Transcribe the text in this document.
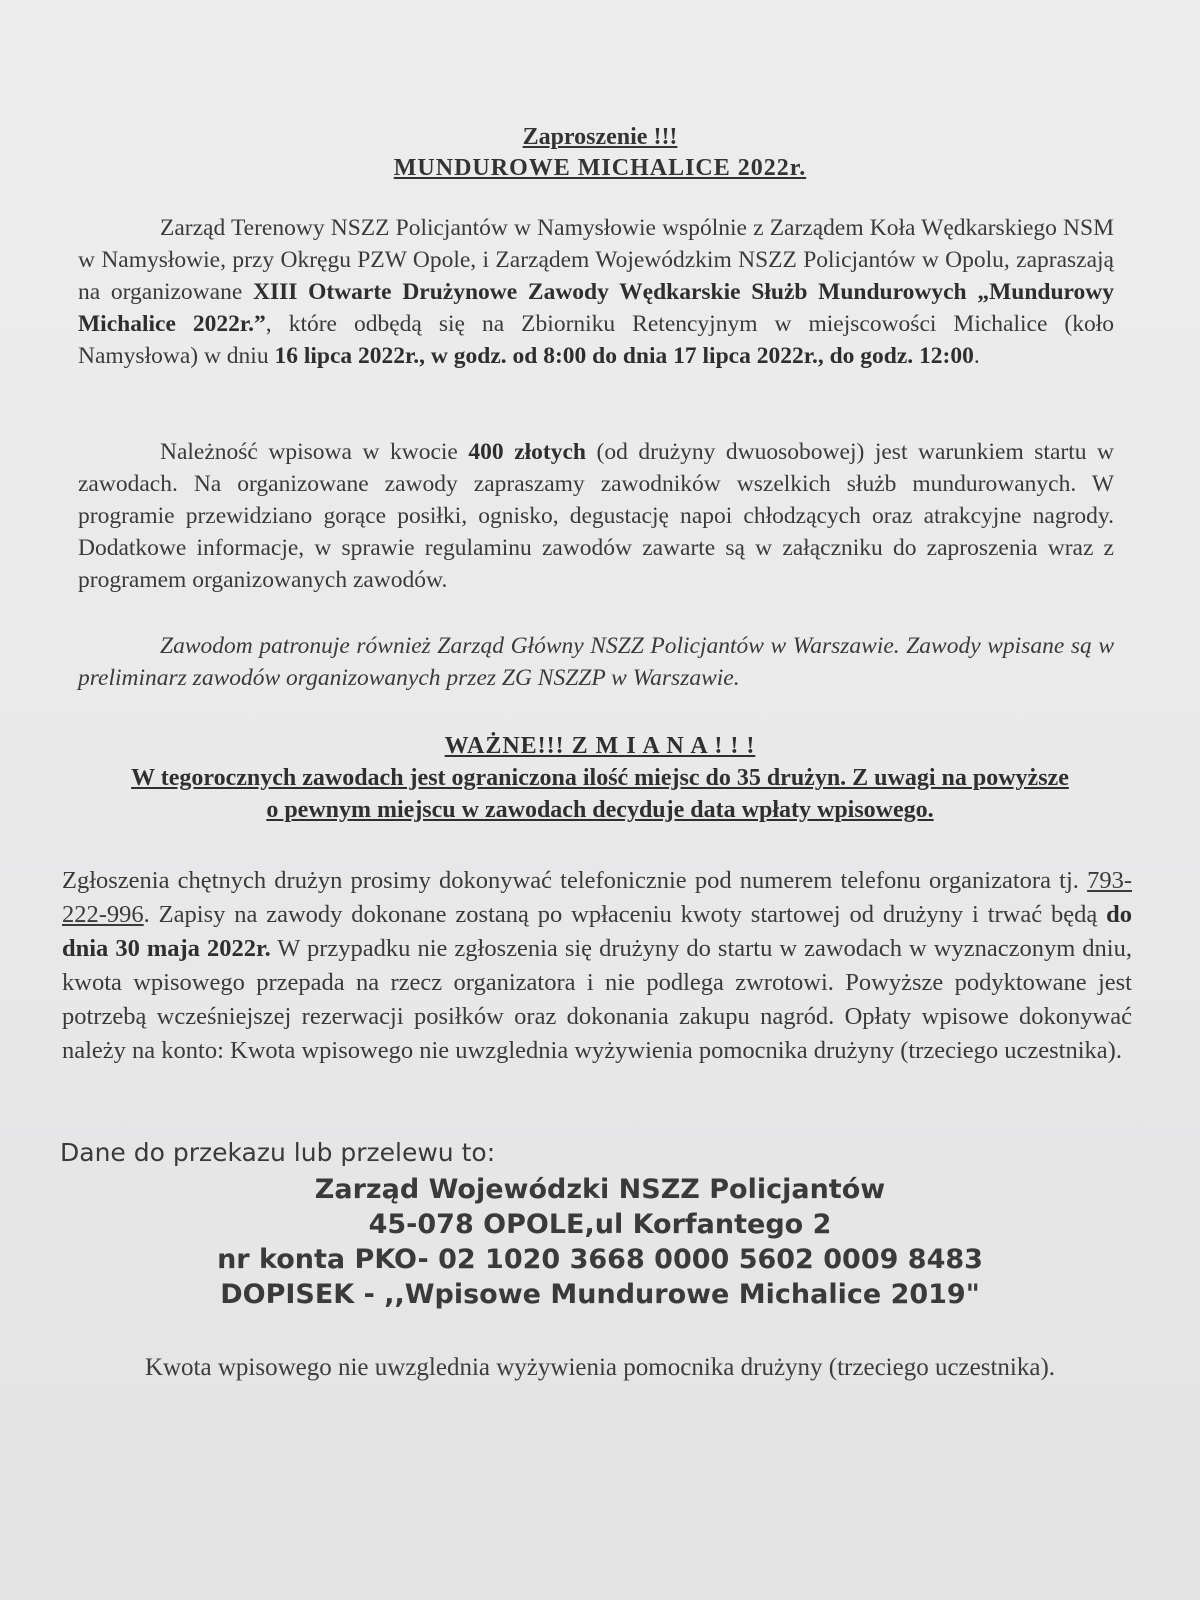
Zaproszenie !!!
MUNDUROWE MICHALICE 2022r.
Zarząd Terenowy NSZZ Policjantów w Namysłowie wspólnie z Zarządem Koła Wędkarskiego NSM w Namysłowie, przy Okręgu PZW Opole, i Zarządem Wojewódzkim NSZZ Policjantów w Opolu, zapraszają na organizowane XIII Otwarte Drużynowe Zawody Wędkarskie Służb Mundurowych „Mundurowy Michalice 2022r.”, które odbędą się na Zbiorniku Retencyjnym w miejscowości Michalice (koło Namysłowa) w dniu 16 lipca 2022r., w godz. od 8:00 do dnia 17 lipca 2022r., do godz. 12:00.
Należność wpisowa w kwocie 400 złotych (od drużyny dwuosobowej) jest warunkiem startu w zawodach. Na organizowane zawody zapraszamy zawodników wszelkich służb mundurowanych. W programie przewidziano gorące posiłki, ognisko, degustację napoi chłodzących oraz atrakcyjne nagrody. Dodatkowe informacje, w sprawie regulaminu zawodów zawarte są w załączniku do zaproszenia wraz z programem organizowanych zawodów.
Zawodom patronuje również Zarząd Główny NSZZ Policjantów w Warszawie. Zawody wpisane są w preliminarz zawodów organizowanych przez ZG NSZZP w Warszawie.
WAŻNE!!! Z M I A N A ! ! !
W tegorocznych zawodach jest ograniczona ilość miejsc do 35 drużyn. Z uwagi na powyższe o pewnym miejscu w zawodach decyduje data wpłaty wpisowego.
Zgłoszenia chętnych drużyn prosimy dokonywać telefonicznie pod numerem telefonu organizatora tj. 793-222-996. Zapisy na zawody dokonane zostaną po wpłaceniu kwoty startowej od drużyny i trwać będą do dnia 30 maja 2022r. W przypadku nie zgłoszenia się drużyny do startu w zawodach w wyznaczonym dniu, kwota wpisowego przepada na rzecz organizatora i nie podlega zwrotowi. Powyższe podyktowane jest potrzebą wcześniejszej rezerwacji posiłków oraz dokonania zakupu nagród. Opłaty wpisowe dokonywać należy na konto: Kwota wpisowego nie uwzglednia wyżywienia pomocnika drużyny (trzeciego uczestnika).
Dane do przekazu lub przelewu to:
Zarząd Wojewódzki NSZZ Policjantów
45-078 OPOLE,ul Korfantego 2
nr konta PKO- 02 1020 3668 0000 5602 0009 8483
DOPISEK - ,,Wpisowe Mundurowe Michalice 2019"
Kwota wpisowego nie uwzglednia wyżywienia pomocnika drużyny (trzeciego uczestnika).
